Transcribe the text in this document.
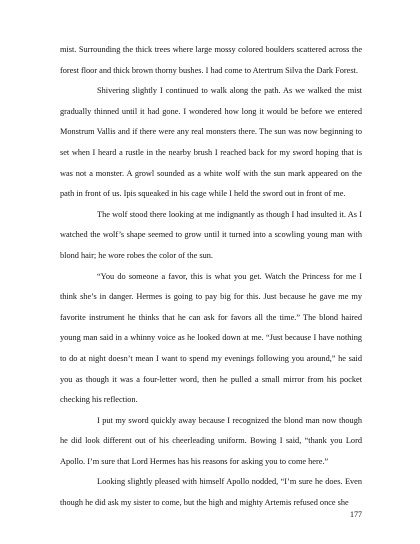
mist. Surrounding the thick trees where large mossy colored boulders scattered across the forest floor and thick brown thorny bushes. I had come to Atertrum Silva the Dark Forest.

Shivering slightly I continued to walk along the path. As we walked the mist gradually thinned until it had gone. I wondered how long it would be before we entered Monstrum Vallis and if there were any real monsters there. The sun was now beginning to set when I heard a rustle in the nearby brush I reached back for my sword hoping that is was not a monster. A growl sounded as a white wolf with the sun mark appeared on the path in front of us. Ipis squeaked in his cage while I held the sword out in front of me.

The wolf stood there looking at me indignantly as though I had insulted it. As I watched the wolf’s shape seemed to grow until it turned into a scowling young man with blond hair; he wore robes the color of the sun.

“You do someone a favor, this is what you get. Watch the Princess for me I think she’s in danger. Hermes is going to pay big for this. Just because he gave me my favorite instrument he thinks that he can ask for favors all the time.” The blond haired young man said in a whinny voice as he looked down at me. “Just because I have nothing to do at night doesn’t mean I want to spend my evenings following you around,” he said you as though it was a four-letter word, then he pulled a small mirror from his pocket checking his reflection.

I put my sword quickly away because I recognized the blond man now though he did look different out of his cheerleading uniform. Bowing I said, “thank you Lord Apollo. I’m sure that Lord Hermes has his reasons for asking you to come here.”

Looking slightly pleased with himself Apollo nodded, “I’m sure he does. Even though he did ask my sister to come, but the high and mighty Artemis refused once she

177
